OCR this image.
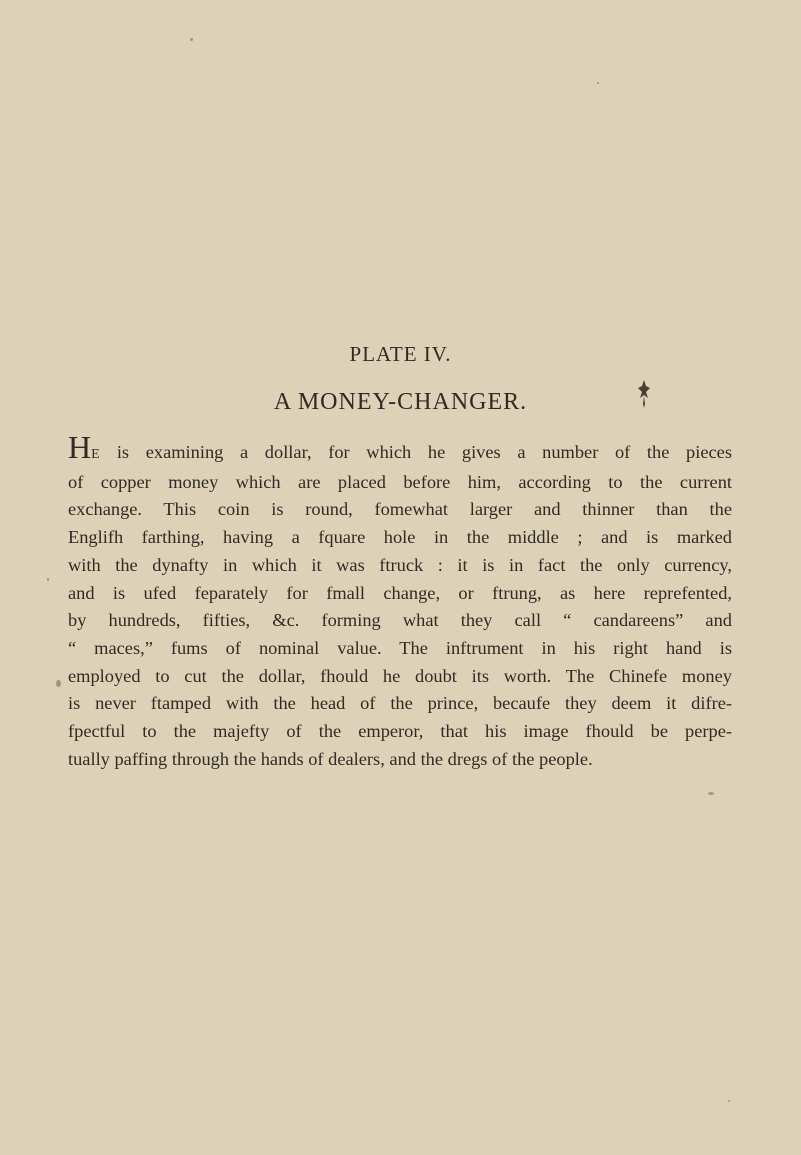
PLATE IV.
A MONEY-CHANGER.
HE is examining a dollar, for which he gives a number of the pieces
of copper money which are placed before him, according to the current
exchange. This coin is round, fomewhat larger and thinner than the
Englifh farthing, having a fquare hole in the middle ; and is marked
with the dynafty in which it was ftruck : it is in fact the only currency,
and is ufed feparately for fmall change, or ftrung, as here reprefented,
by hundreds, fifties, &c. forming what they call “ candareens” and
“ maces,” fums of nominal value. The inftrument in his right hand is
employed to cut the dollar, fhould he doubt its worth. The Chinefe money
is never ftamped with the head of the prince, becaufe they deem it difre-
fpectful to the majefty of the emperor, that his image fhould be perpe-
tually paffing through the hands of dealers, and the dregs of the people.
